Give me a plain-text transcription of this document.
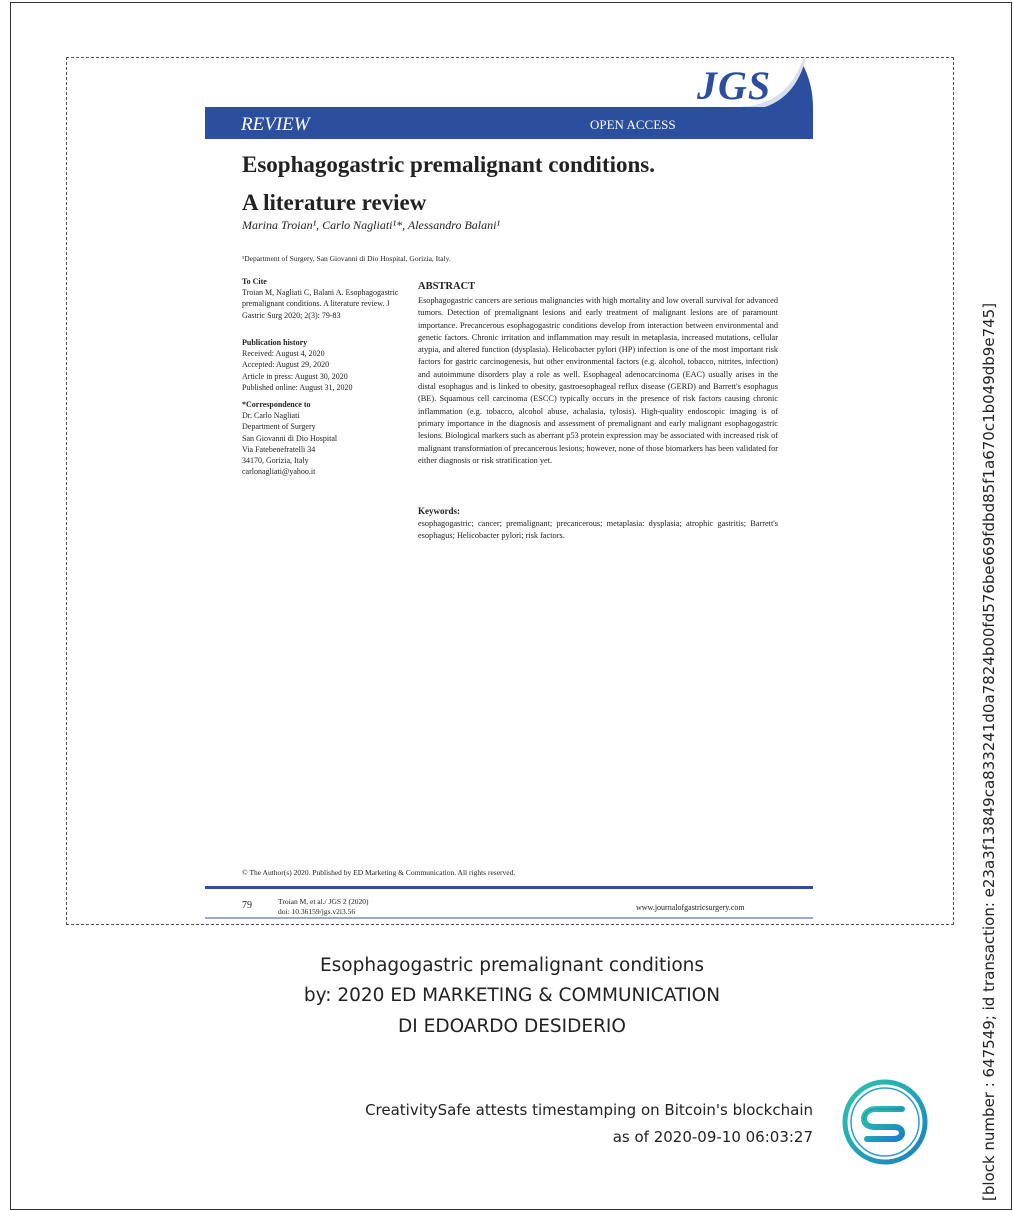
JGS
REVIEW	OPEN ACCESS
Esophagogastric premalignant conditions.
A literature review
Marina Troian¹, Carlo Nagliati¹*, Alessandro Balani¹
¹Department of Surgery, San Giovanni di Dio Hospital, Gorizia, Italy.
To Cite
Troian M, Nagliati C, Balani A. Esophagogastric premalignant conditions. A literature review. J Gastric Surg 2020; 2(3): 79-83
Publication history
Received: August 4, 2020
Accepted: August 29, 2020
Article in press: August 30, 2020
Published online: August 31, 2020
*Correspondence to
Dr. Carlo Nagliati
Department of Surgery
San Giovanni di Dio Hospital
Via Fatebenefratelli 34
34170, Gorizia, Italy
carlonagliati@yahoo.it
ABSTRACT
Esophagogastric cancers are serious malignancies with high mortality and low overall survival for advanced tumors. Detection of premalignant lesions and early treatment of malignant lesions are of paramount importance. Precancerous esophagogastric conditions develop from interaction between environmental and genetic factors. Chronic irritation and inflammation may result in metaplasia, increased mutations, cellular atypia, and altered function (dysplasia). Helicobacter pylori (HP) infection is one of the most important risk factors for gastric carcinogenesis, but other environmental factors (e.g. alcohol, tobacco, nitrites, infection) and autoimmune disorders play a role as well. Esophageal adenocarcinoma (EAC) usually arises in the distal esophagus and is linked to obesity, gastroesophageal reflux disease (GERD) and Barrett's esophagus (BE). Squamous cell carcinoma (ESCC) typically occurs in the presence of risk factors causing chronic inflammation (e.g. tobacco, alcohol abuse, achalasia, tylosis). High-quality endoscopic imaging is of primary importance in the diagnosis and assessment of premalignant and early malignant esophagogastric lesions. Biological markers such as aberrant p53 protein expression may be associated with increased risk of malignant transformation of precancerous lesions; however, none of those biomarkers has been validated for either diagnosis or risk stratification yet.
Keywords:
esophagogastric; cancer; premalignant; precancerous; metaplasia: dysplasia; atrophic gastritis; Barrett's esophagus; Helicobacter pylori; risk factors.
© The Author(s) 2020. Published by ED Marketing & Communication. All rights reserved.
79	Troian M, et al./ JGS 2 (2020)
doi: 10.36159/jgs.v2i3.56	www.journalofgastricsurgery.com
Esophagogastric premalignant conditions
by: 2020 ED MARKETING & COMMUNICATION
DI EDOARDO DESIDERIO
CreativitySafe attests timestamping on Bitcoin's blockchain
as of 2020-09-10 06:03:27	[block number : 647549; id transaction: e23a3f13849ca833241d0a7824b00fd576be669fdbd85f1a670c1b049db9e745]
